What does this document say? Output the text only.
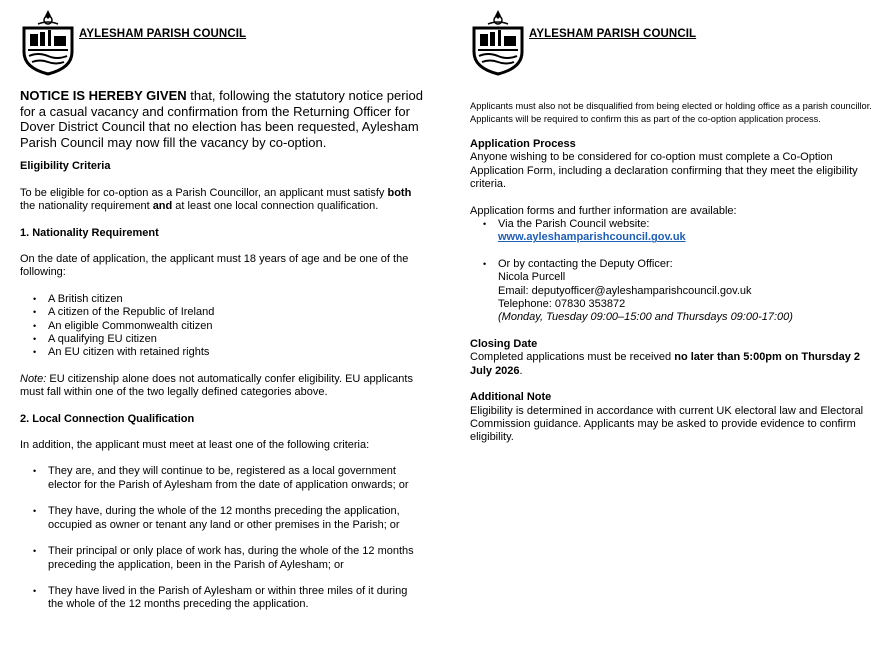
AYLESHAM PARISH COUNCIL

NOTICE IS HEREBY GIVEN that, following the statutory notice period for a casual vacancy and confirmation from the Returning Officer for Dover District Council that no election has been requested, Aylesham Parish Council may now fill the vacancy by co-option.

Eligibility Criteria

To be eligible for co-option as a Parish Councillor, an applicant must satisfy both the nationality requirement and at least one local connection qualification.

1. Nationality Requirement

On the date of application, the applicant must 18 years of age and be one of the following:

• A British citizen
• A citizen of the Republic of Ireland
• An eligible Commonwealth citizen
• A qualifying EU citizen
• An EU citizen with retained rights

Note: EU citizenship alone does not automatically confer eligibility. EU applicants must fall within one of the two legally defined categories above.

2. Local Connection Qualification

In addition, the applicant must meet at least one of the following criteria:

• They are, and they will continue to be, registered as a local government elector for the Parish of Aylesham from the date of application onwards; or
• They have, during the whole of the 12 months preceding the application, occupied as owner or tenant any land or other premises in the Parish; or
• Their principal or only place of work has, during the whole of the 12 months preceding the application, been in the Parish of Aylesham; or
• They have lived in the Parish of Aylesham or within three miles of it during the whole of the 12 months preceding the application.
AYLESHAM PARISH COUNCIL

Applicants must also not be disqualified from being elected or holding office as a parish councillor. Applicants will be required to confirm this as part of the co-option application process.

Application Process

Anyone wishing to be considered for co-option must complete a Co-Option Application Form, including a declaration confirming that they meet the eligibility criteria.

Application forms and further information are available:

• Via the Parish Council website:
www.ayleshamparishcouncil.gov.uk
• Or by contacting the Deputy Officer:
Nicola Purcell
Email: deputyofficer@ayleshamparishcouncil.gov.uk
Telephone: 07830 353872
(Monday, Tuesday 09:00–15:00 and Thursdays 09:00-17:00)

Closing Date

Completed applications must be received no later than 5:00pm on Thursday 2 July 2026.

Additional Note

Eligibility is determined in accordance with current UK electoral law and Electoral Commission guidance. Applicants may be asked to provide evidence to confirm eligibility.
